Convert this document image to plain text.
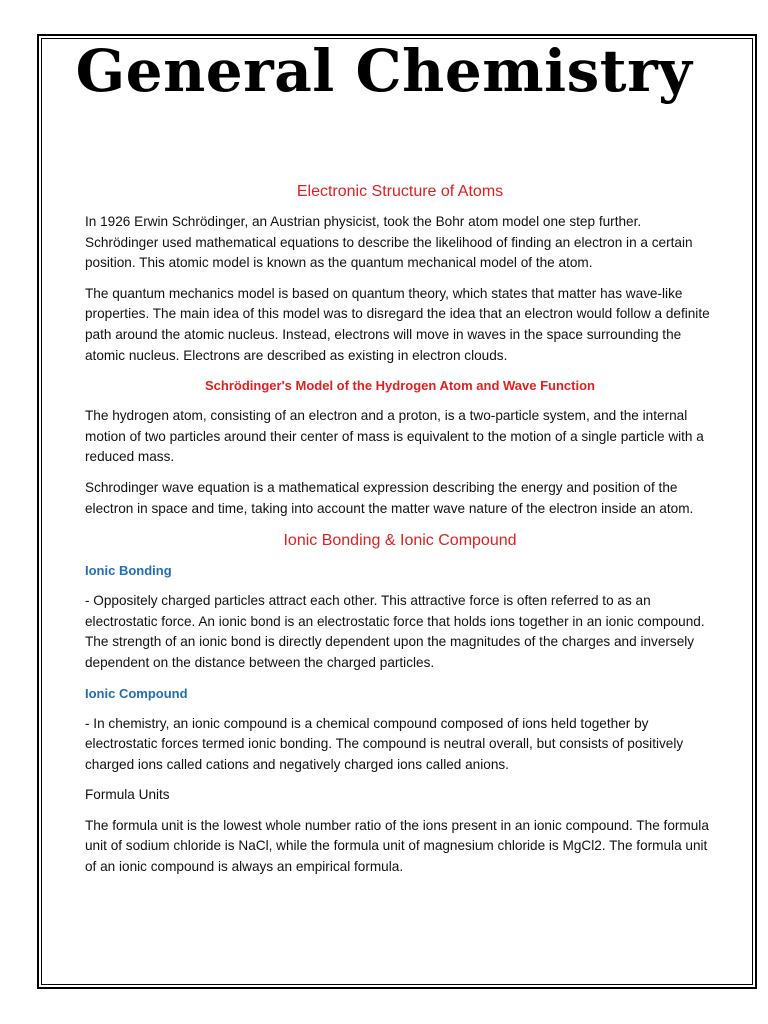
General Chemistry
Electronic Structure of Atoms

In 1926 Erwin Schrödinger, an Austrian physicist, took the Bohr atom model one step further. Schrödinger used mathematical equations to describe the likelihood of finding an electron in a certain position. This atomic model is known as the quantum mechanical model of the atom.

The quantum mechanics model is based on quantum theory, which states that matter has wave-like properties. The main idea of this model was to disregard the idea that an electron would follow a definite path around the atomic nucleus. Instead, electrons will move in waves in the space surrounding the atomic nucleus. Electrons are described as existing in electron clouds.

Schrödinger's Model of the Hydrogen Atom and Wave Function

The hydrogen atom, consisting of an electron and a proton, is a two-particle system, and the internal motion of two particles around their center of mass is equivalent to the motion of a single particle with a reduced mass.

Schrodinger wave equation is a mathematical expression describing the energy and position of the electron in space and time, taking into account the matter wave nature of the electron inside an atom.

Ionic Bonding & Ionic Compound
Ionic Bonding

- Oppositely charged particles attract each other. This attractive force is often referred to as an electrostatic force. An ionic bond is an electrostatic force that holds ions together in an ionic compound. The strength of an ionic bond is directly dependent upon the magnitudes of the charges and inversely dependent on the distance between the charged particles.

Ionic Compound

- In chemistry, an ionic compound is a chemical compound composed of ions held together by electrostatic forces termed ionic bonding. The compound is neutral overall, but consists of positively charged ions called cations and negatively charged ions called anions.

Formula Units

The formula unit is the lowest whole number ratio of the ions present in an ionic compound. The formula unit of sodium chloride is NaCl, while the formula unit of magnesium chloride is MgCl2. The formula unit of an ionic compound is always an empirical formula.
